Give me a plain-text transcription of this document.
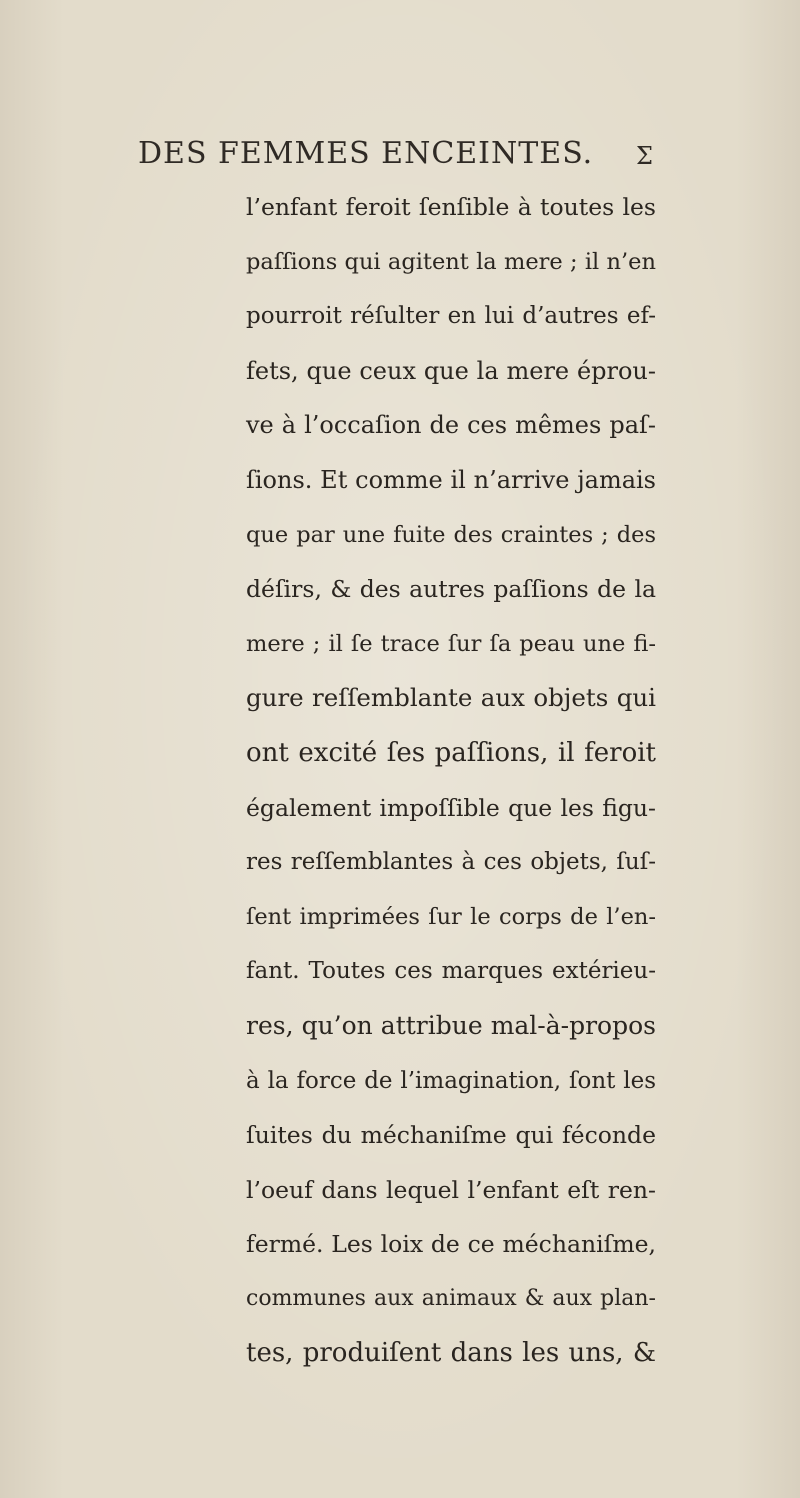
DES FEMMES ENCEINTES. ʃ
l’enfant feroit ſenſible à toutes les
paſſions qui agitent la mere ; il n’en
pourroit réſulter en lui d’autres ef-
fets, que ceux que la mere éprou-
ve à l’occaſion de ces mêmes paſ-
ſions. Et comme il n’arrive jamais
que par une fuite des craintes ; des
déſirs, & des autres paſſions de la
mere ; il ſe trace ſur ſa peau une fi-
gure reſſemblante aux objets qui
ont excité ſes paſſions, il feroit
également impoſſible que les figu-
res reſſemblantes à ces objets, ſuſ-
ſent imprimées ſur le corps de l’en-
fant. Toutes ces marques extérieu-
res, qu’on attribue mal-à-propos
à la force de l’imagination, ſont les
ſuites du méchaniſme qui féconde
l’oeuf dans lequel l’enfant eſt ren-
fermé. Les loix de ce méchaniſme,
communes aux animaux & aux plan-
tes, produiſent dans les uns, &
